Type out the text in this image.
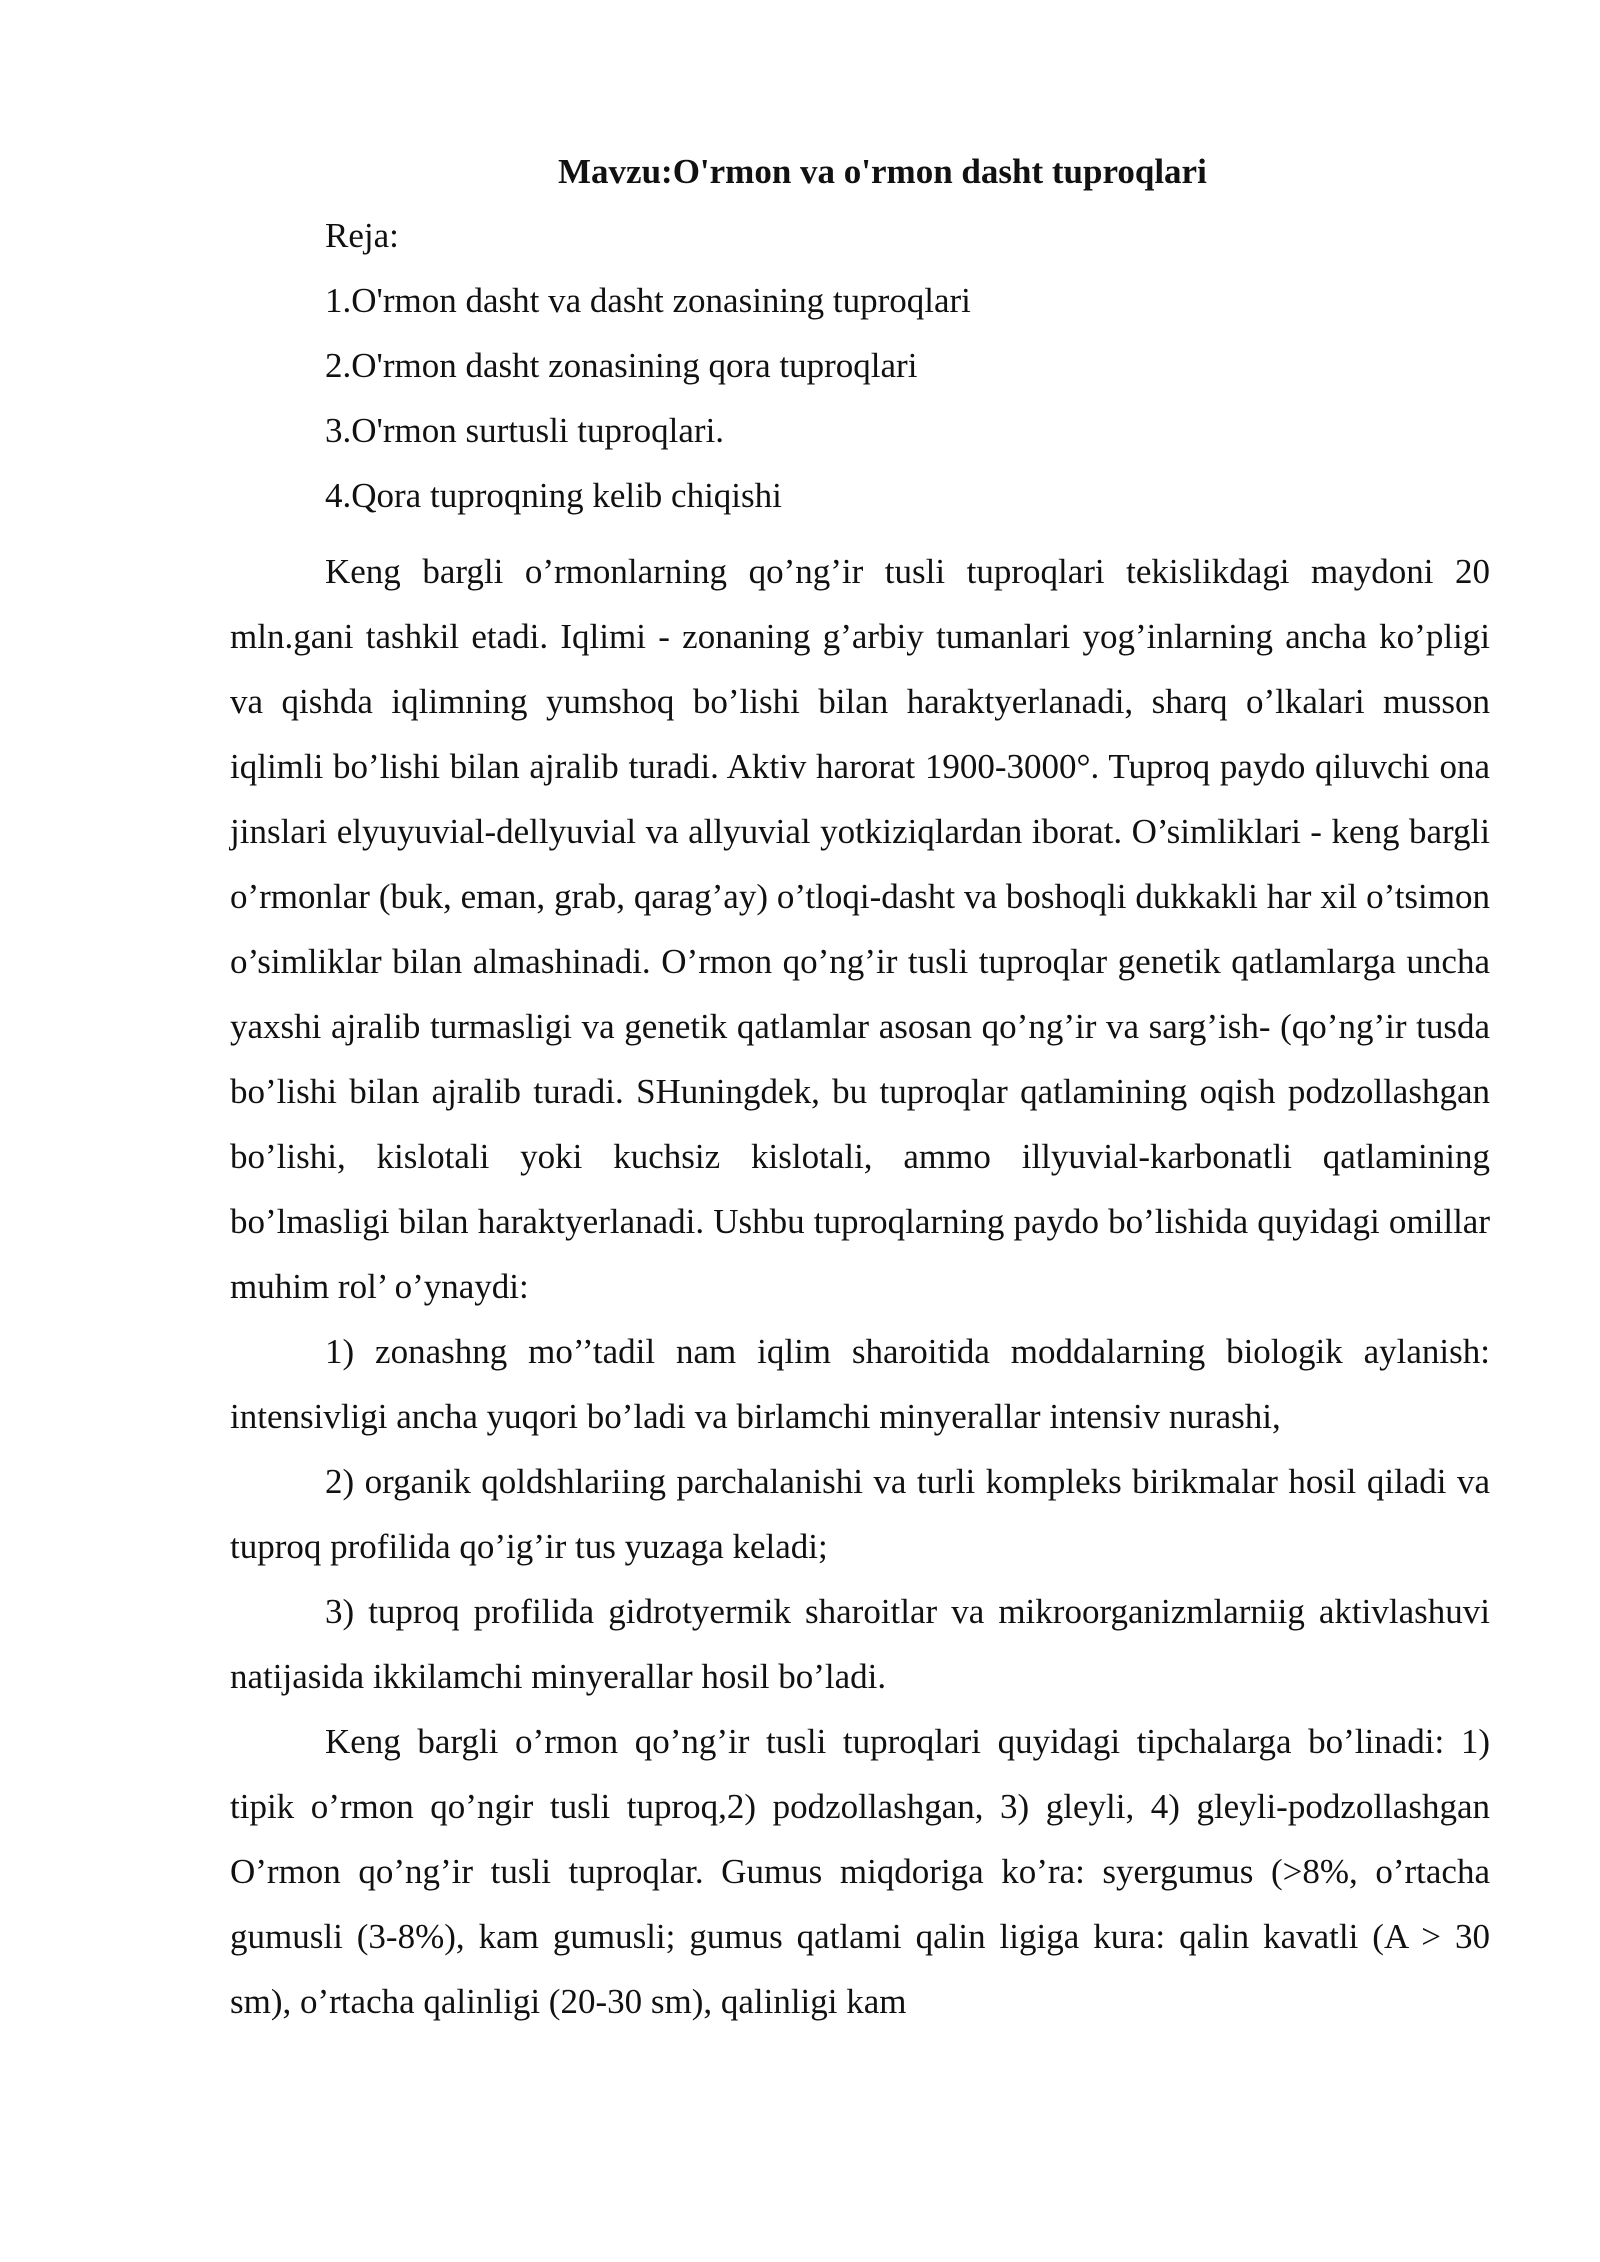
Mavzu:O'rmon va o'rmon dasht tuproqlari
Reja:
1.O'rmon dasht va dasht zonasining tuproqlari
2.O'rmon dasht zonasining qora tuproqlari
3.O'rmon surtusli tuproqlari.
4.Qora tuproqning kelib chiqishi

Keng bargli o’rmonlarning qo’ng’ir tusli tuproqlari tekislikdagi maydoni 20 mln.gani tashkil etadi. Iqlimi - zonaning g’arbiy tumanlari yog’inlarning ancha ko’pligi va qishda iqlimning yumshoq bo’lishi bilan haraktyerlanadi, sharq o’lkalari musson iqlimli bo’lishi bilan ajralib turadi. Aktiv harorat 1900-3000°. Tuproq paydo qiluvchi ona jinslari elyuyuvial-dellyuvial va allyuvial yotkiziqlardan iborat. O’simliklari - keng bargli o’rmonlar (buk, eman, grab, qarag’ay) o’tloqi-dasht va boshoqli dukkakli har xil o’tsimon o’simliklar bilan almashinadi. O’rmon qo’ng’ir tusli tuproqlar genetik qatlamlarga uncha yaxshi ajralib turmasligi va genetik qatlamlar asosan qo’ng’ir va sarg’ish- (qo’ng’ir tusda bo’lishi bilan ajralib turadi. SHuningdek, bu tuproqlar qatlamining oqish podzollashgan bo’lishi, kislotali yoki kuchsiz kislotali, ammo illyuvial-karbonatli qatlamining bo’lmasligi bilan haraktyerlanadi. Ushbu tuproqlarning paydo bo’lishida quyidagi omillar muhim rol’ o’ynaydi:

1) zonashng mo’’tadil nam iqlim sharoitida moddalarning biologik aylanish: intensivligi ancha yuqori bo’ladi va birlamchi minyerallar intensiv nurashi,

2) organik qoldshlariing parchalanishi va turli kompleks birikmalar hosil qiladi va tuproq profilida qo’ig’ir tus yuzaga keladi;

3) tuproq profilida gidrotyermik sharoitlar va mikroorganizmlarniig aktivlashuvi natijasida ikkilamchi minyerallar hosil bo’ladi.

Keng bargli o’rmon qo’ng’ir tusli tuproqlari quyidagi tipchalarga bo’linadi: 1) tipik o’rmon qo’ngir tusli tuproq,2) podzollashgan, 3) gleyli, 4) gleyli-podzollashgan O’rmon qo’ng’ir tusli tuproqlar. Gumus miqdoriga ko’ra: syergumus (>8%, o’rtacha gumusli (3-8%), kam gumusli; gumus qatlami qalin ligiga kura: qalin kavatli (A > 30 sm), o’rtacha qalinligi (20-30 sm), qalinligi kam
